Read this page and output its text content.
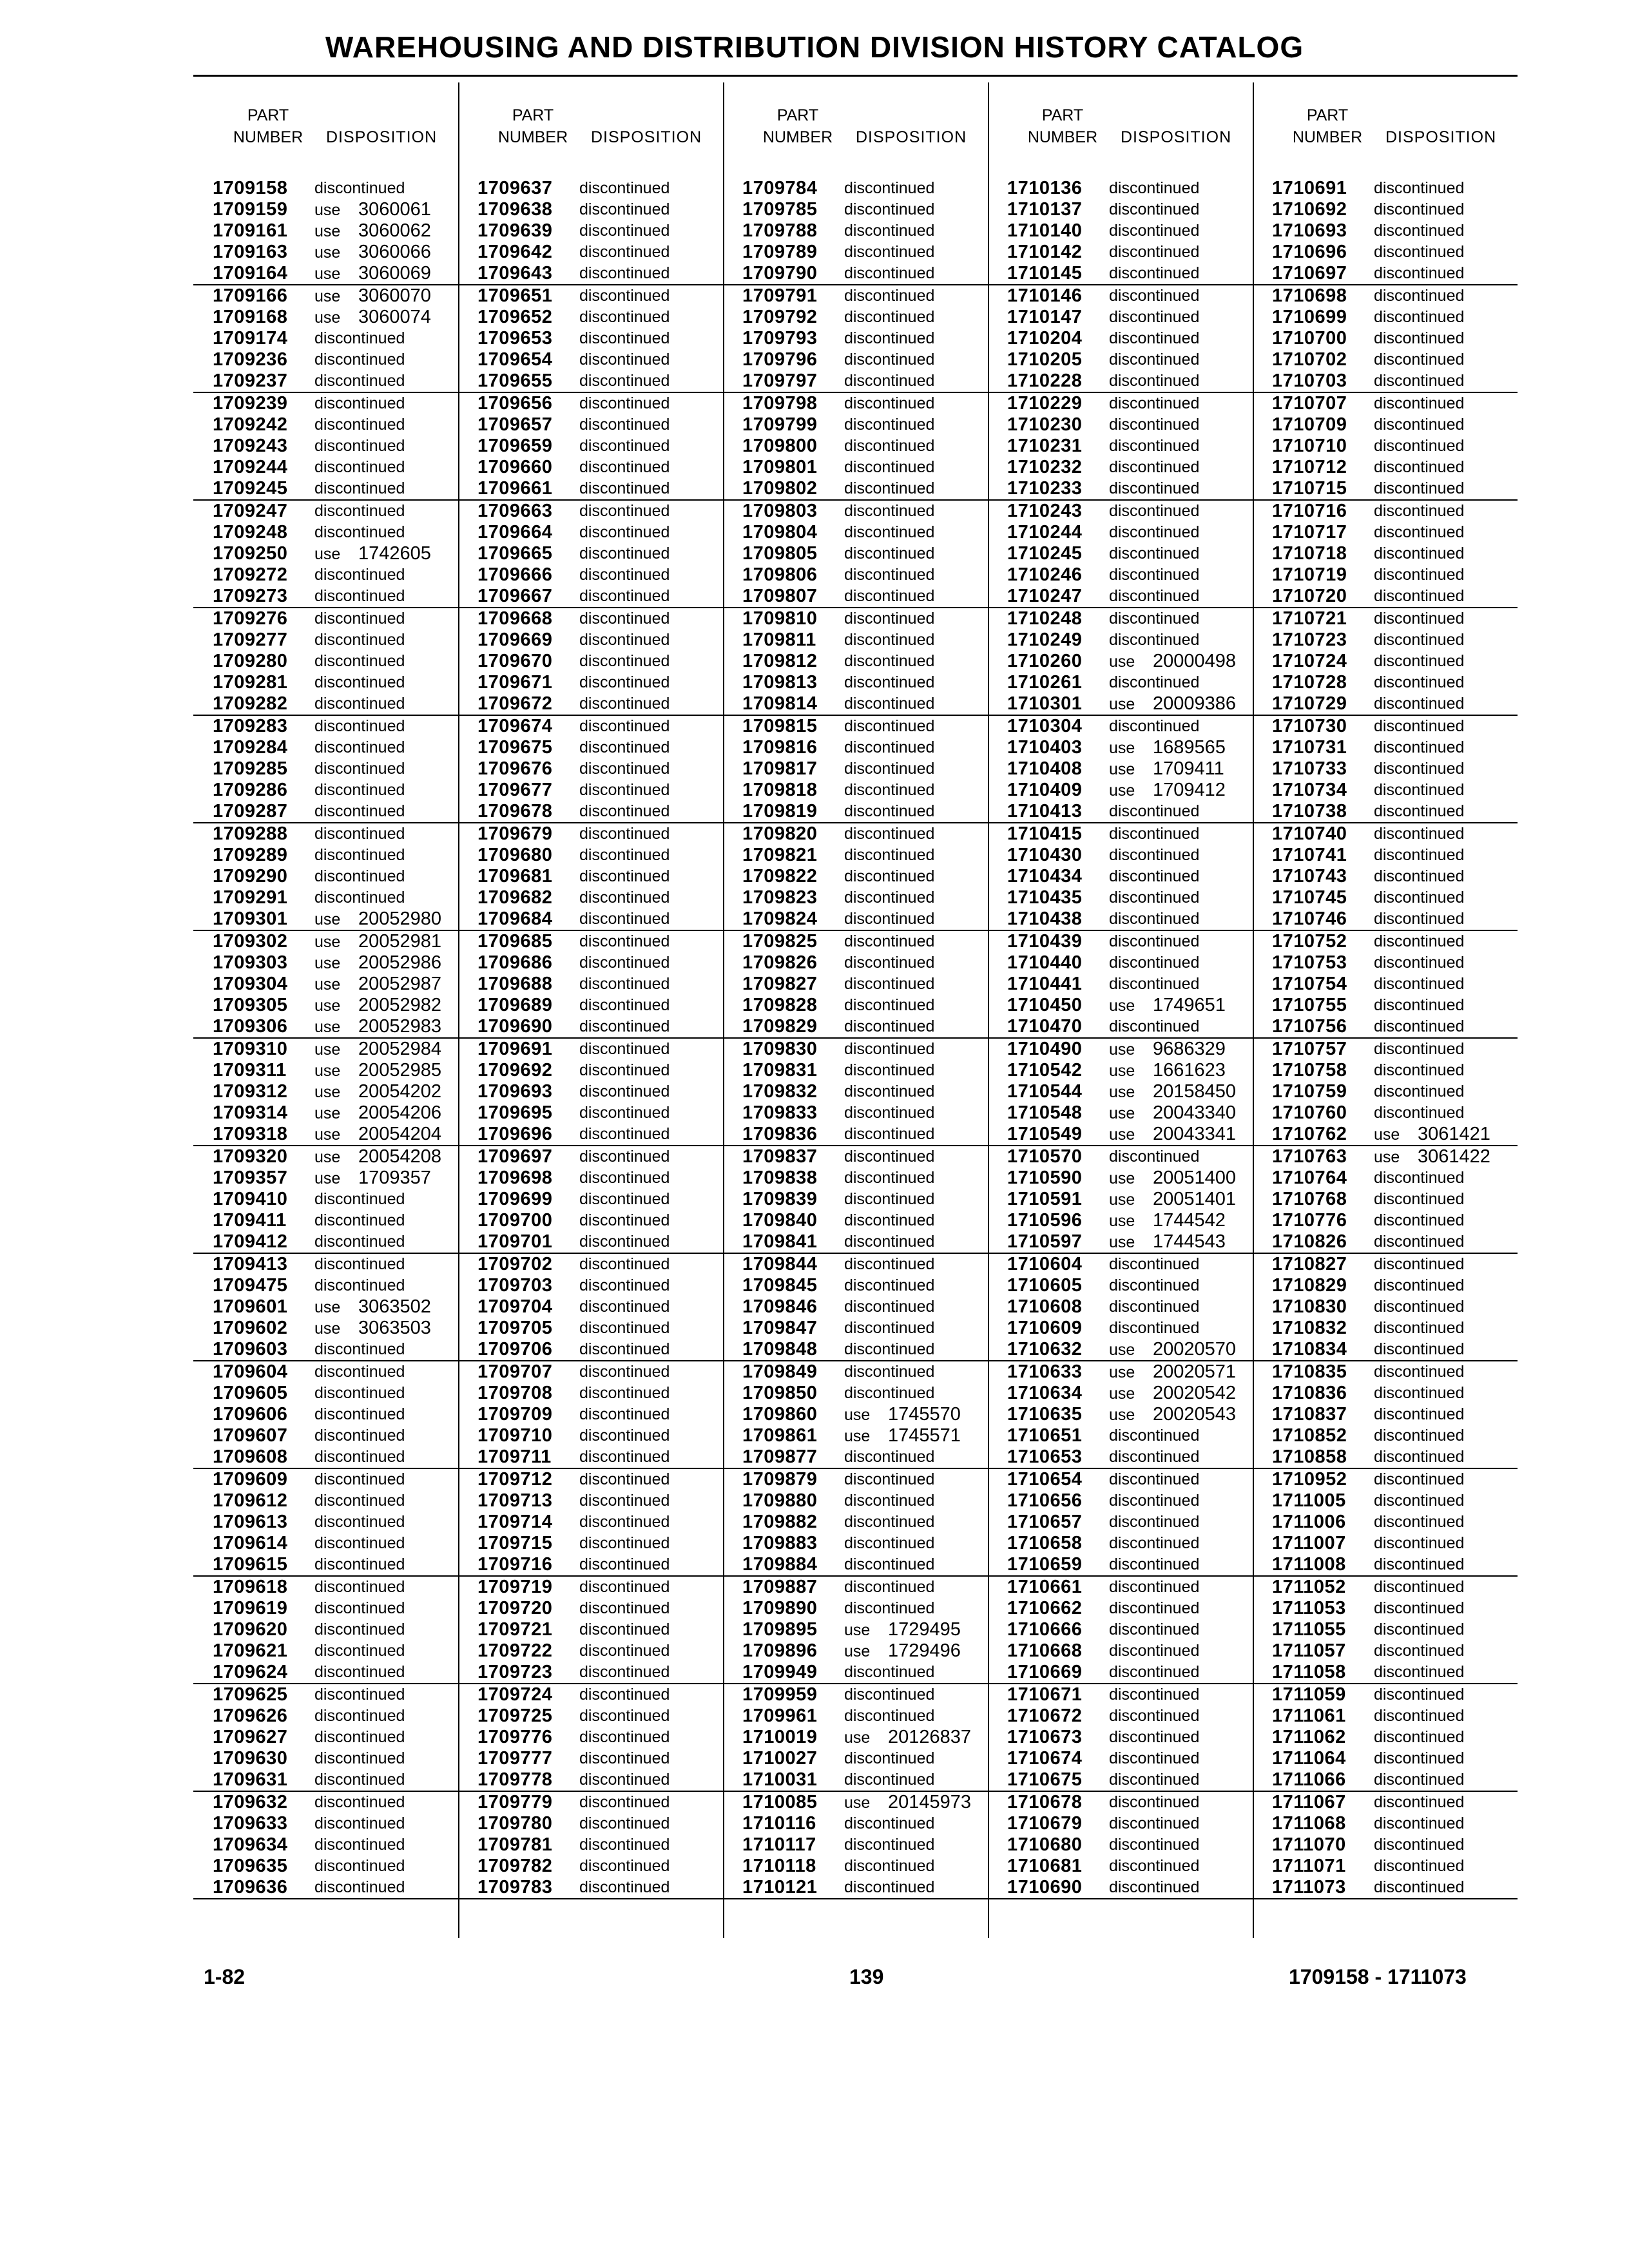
WAREHOUSING AND DISTRIBUTION DIVISION HISTORY CATALOG
PART
NUMBER DISPOSITION
1709158 discontinued
1709159 use3060061
1709161 use3060062
1709163 use3060066
1709164 use3060069
1709166 use3060070
1709168 use3060074
1709174 discontinued
1709236 discontinued
1709237 discontinued
1709239 discontinued
1709242 discontinued
1709243 discontinued
1709244 discontinued
1709245 discontinued
1709247 discontinued
1709248 discontinued
1709250 use1742605
1709272 discontinued
1709273 discontinued
1709276 discontinued
1709277 discontinued
1709280 discontinued
1709281 discontinued
1709282 discontinued
1709283 discontinued
1709284 discontinued
1709285 discontinued
1709286 discontinued
1709287 discontinued
1709288 discontinued
1709289 discontinued
1709290 discontinued
1709291 discontinued
1709301 use20052980
1709302 use20052981
1709303 use20052986
1709304 use20052987
1709305 use20052982
1709306 use20052983
1709310 use20052984
1709311 use20052985
1709312 use20054202
1709314 use20054206
1709318 use20054204
1709320 use20054208
1709357 use1709357
1709410 discontinued
1709411 discontinued
1709412 discontinued
1709413 discontinued
1709475 discontinued
1709601 use3063502
1709602 use3063503
1709603 discontinued
1709604 discontinued
1709605 discontinued
1709606 discontinued
1709607 discontinued
1709608 discontinued
1709609 discontinued
1709612 discontinued
1709613 discontinued
1709614 discontinued
1709615 discontinued
1709618 discontinued
1709619 discontinued
1709620 discontinued
1709621 discontinued
1709624 discontinued
1709625 discontinued
1709626 discontinued
1709627 discontinued
1709630 discontinued
1709631 discontinued
1709632 discontinued
1709633 discontinued
1709634 discontinued
1709635 discontinued
1709636 discontinued
PART
NUMBER DISPOSITION
1709637 discontinued
1709638 discontinued
1709639 discontinued
1709642 discontinued
1709643 discontinued
1709651 discontinued
1709652 discontinued
1709653 discontinued
1709654 discontinued
1709655 discontinued
1709656 discontinued
1709657 discontinued
1709659 discontinued
1709660 discontinued
1709661 discontinued
1709663 discontinued
1709664 discontinued
1709665 discontinued
1709666 discontinued
1709667 discontinued
1709668 discontinued
1709669 discontinued
1709670 discontinued
1709671 discontinued
1709672 discontinued
1709674 discontinued
1709675 discontinued
1709676 discontinued
1709677 discontinued
1709678 discontinued
1709679 discontinued
1709680 discontinued
1709681 discontinued
1709682 discontinued
1709684 discontinued
1709685 discontinued
1709686 discontinued
1709688 discontinued
1709689 discontinued
1709690 discontinued
1709691 discontinued
1709692 discontinued
1709693 discontinued
1709695 discontinued
1709696 discontinued
1709697 discontinued
1709698 discontinued
1709699 discontinued
1709700 discontinued
1709701 discontinued
1709702 discontinued
1709703 discontinued
1709704 discontinued
1709705 discontinued
1709706 discontinued
1709707 discontinued
1709708 discontinued
1709709 discontinued
1709710 discontinued
1709711 discontinued
1709712 discontinued
1709713 discontinued
1709714 discontinued
1709715 discontinued
1709716 discontinued
1709719 discontinued
1709720 discontinued
1709721 discontinued
1709722 discontinued
1709723 discontinued
1709724 discontinued
1709725 discontinued
1709776 discontinued
1709777 discontinued
1709778 discontinued
1709779 discontinued
1709780 discontinued
1709781 discontinued
1709782 discontinued
1709783 discontinued
PART
NUMBER DISPOSITION
1709784 discontinued
1709785 discontinued
1709788 discontinued
1709789 discontinued
1709790 discontinued
1709791 discontinued
1709792 discontinued
1709793 discontinued
1709796 discontinued
1709797 discontinued
1709798 discontinued
1709799 discontinued
1709800 discontinued
1709801 discontinued
1709802 discontinued
1709803 discontinued
1709804 discontinued
1709805 discontinued
1709806 discontinued
1709807 discontinued
1709810 discontinued
1709811 discontinued
1709812 discontinued
1709813 discontinued
1709814 discontinued
1709815 discontinued
1709816 discontinued
1709817 discontinued
1709818 discontinued
1709819 discontinued
1709820 discontinued
1709821 discontinued
1709822 discontinued
1709823 discontinued
1709824 discontinued
1709825 discontinued
1709826 discontinued
1709827 discontinued
1709828 discontinued
1709829 discontinued
1709830 discontinued
1709831 discontinued
1709832 discontinued
1709833 discontinued
1709836 discontinued
1709837 discontinued
1709838 discontinued
1709839 discontinued
1709840 discontinued
1709841 discontinued
1709844 discontinued
1709845 discontinued
1709846 discontinued
1709847 discontinued
1709848 discontinued
1709849 discontinued
1709850 discontinued
1709860 use1745570
1709861 use1745571
1709877 discontinued
1709879 discontinued
1709880 discontinued
1709882 discontinued
1709883 discontinued
1709884 discontinued
1709887 discontinued
1709890 discontinued
1709895 use1729495
1709896 use1729496
1709949 discontinued
1709959 discontinued
1709961 discontinued
1710019 use20126837
1710027 discontinued
1710031 discontinued
1710085 use20145973
1710116 discontinued
1710117 discontinued
1710118 discontinued
1710121 discontinued
PART
NUMBER DISPOSITION
1710136 discontinued
1710137 discontinued
1710140 discontinued
1710142 discontinued
1710145 discontinued
1710146 discontinued
1710147 discontinued
1710204 discontinued
1710205 discontinued
1710228 discontinued
1710229 discontinued
1710230 discontinued
1710231 discontinued
1710232 discontinued
1710233 discontinued
1710243 discontinued
1710244 discontinued
1710245 discontinued
1710246 discontinued
1710247 discontinued
1710248 discontinued
1710249 discontinued
1710260 use20000498
1710261 discontinued
1710301 use20009386
1710304 discontinued
1710403 use1689565
1710408 use1709411
1710409 use1709412
1710413 discontinued
1710415 discontinued
1710430 discontinued
1710434 discontinued
1710435 discontinued
1710438 discontinued
1710439 discontinued
1710440 discontinued
1710441 discontinued
1710450 use1749651
1710470 discontinued
1710490 use9686329
1710542 use1661623
1710544 use20158450
1710548 use20043340
1710549 use20043341
1710570 discontinued
1710590 use20051400
1710591 use20051401
1710596 use1744542
1710597 use1744543
1710604 discontinued
1710605 discontinued
1710608 discontinued
1710609 discontinued
1710632 use20020570
1710633 use20020571
1710634 use20020542
1710635 use20020543
1710651 discontinued
1710653 discontinued
1710654 discontinued
1710656 discontinued
1710657 discontinued
1710658 discontinued
1710659 discontinued
1710661 discontinued
1710662 discontinued
1710666 discontinued
1710668 discontinued
1710669 discontinued
1710671 discontinued
1710672 discontinued
1710673 discontinued
1710674 discontinued
1710675 discontinued
1710678 discontinued
1710679 discontinued
1710680 discontinued
1710681 discontinued
1710690 discontinued
PART
NUMBER DISPOSITION
1710691 discontinued
1710692 discontinued
1710693 discontinued
1710696 discontinued
1710697 discontinued
1710698 discontinued
1710699 discontinued
1710700 discontinued
1710702 discontinued
1710703 discontinued
1710707 discontinued
1710709 discontinued
1710710 discontinued
1710712 discontinued
1710715 discontinued
1710716 discontinued
1710717 discontinued
1710718 discontinued
1710719 discontinued
1710720 discontinued
1710721 discontinued
1710723 discontinued
1710724 discontinued
1710728 discontinued
1710729 discontinued
1710730 discontinued
1710731 discontinued
1710733 discontinued
1710734 discontinued
1710738 discontinued
1710740 discontinued
1710741 discontinued
1710743 discontinued
1710745 discontinued
1710746 discontinued
1710752 discontinued
1710753 discontinued
1710754 discontinued
1710755 discontinued
1710756 discontinued
1710757 discontinued
1710758 discontinued
1710759 discontinued
1710760 discontinued
1710762 use3061421
1710763 use3061422
1710764 discontinued
1710768 discontinued
1710776 discontinued
1710826 discontinued
1710827 discontinued
1710829 discontinued
1710830 discontinued
1710832 discontinued
1710834 discontinued
1710835 discontinued
1710836 discontinued
1710837 discontinued
1710852 discontinued
1710858 discontinued
1710952 discontinued
1711005 discontinued
1711006 discontinued
1711007 discontinued
1711008 discontinued
1711052 discontinued
1711053 discontinued
1711055 discontinued
1711057 discontinued
1711058 discontinued
1711059 discontinued
1711061 discontinued
1711062 discontinued
1711064 discontinued
1711066 discontinued
1711067 discontinued
1711068 discontinued
1711070 discontinued
1711071 discontinued
1711073 discontinued
1-82	139	1709158 - 1711073
